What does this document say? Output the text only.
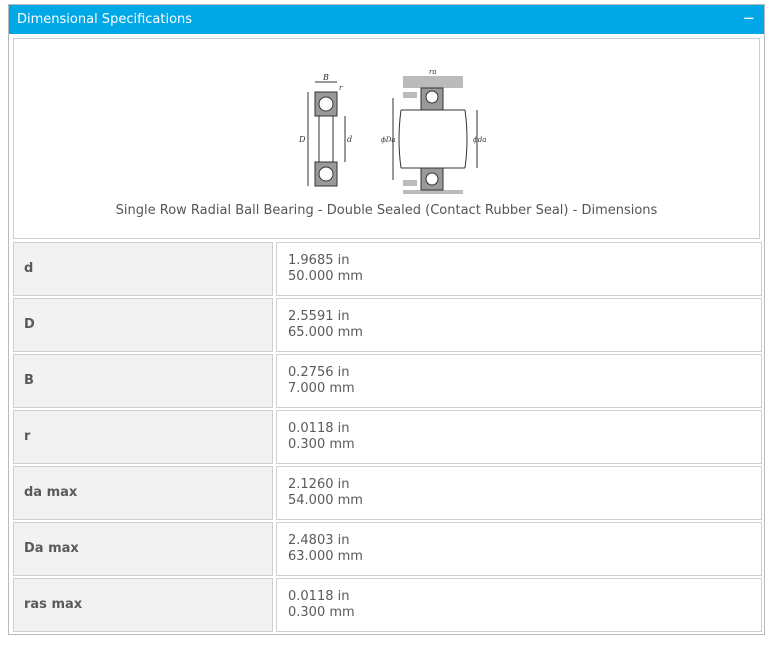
Dimensional Specifications	−
B
r
D	d	ϕDa	ϕda
ra
Single Row Radial Ball Bearing - Double Sealed (Contact Rubber Seal) - Dimensions
d
1.9685 in
50.000 mm
D
2.5591 in
65.000 mm
B
0.2756 in
7.000 mm
r
0.0118 in
0.300 mm
da max
2.1260 in
54.000 mm
Da max
2.4803 in
63.000 mm
ras max
0.0118 in
0.300 mm
